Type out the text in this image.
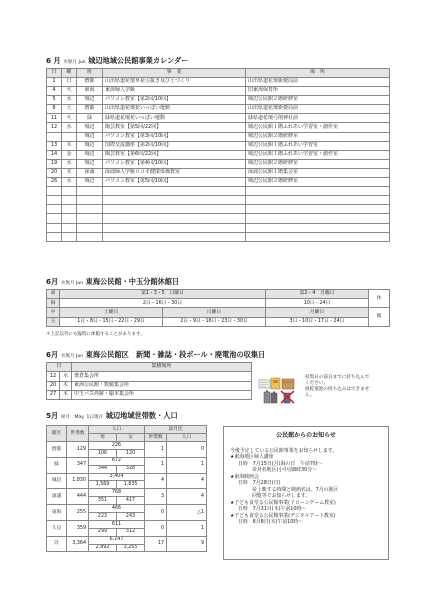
6 月 水無月 Jun 城辺地域公民館事業カレンダー
日	曜	班	事　業	場　所
1	日	僧都	山出県道花壇草花引抜き及び土づくり	山出県道花壇新便局前
4	火	東海	東海婦人学級	旧東海保育所
5	水	城辺	パソコン教室【第2回/10回】	城辺公民館２階研修室
8	土	僧都	山出県道花壇花いっぱい運動	山出県道花壇新便局前
11	火	緑	緑県道花壇花いっぱい運動	緑県道花壇弓削神社前
12	水	城辺	陶芸教室【第5回/22回】	城辺公民館１階ふれあい学習室・創作室
		城辺	パソコン教室【第3回/10回】	城辺公民館２階研修室
13	木	城辺	国際交流講座【第2回/10回】	城辺公民館１階ふれあい学習室
14	金	城辺	陶芸教室【第6回/22回】	城辺公民館１階ふれあい学習室・創作室
19	水	城辺	パソコン教室【第4回/10回】	城辺公民館２階研修室
20	木	深浦	深浦婦人学級ロコモ健康体操教室	深浦公民館１階集会室
26	水	城辺	パソコン教室【第5回/10回】	城辺公民館２階研修室

6月 水無月 Jun 東海公民館・中玉分館休館日
東	第1・3・5　日曜日		第2・4　月曜日	休
海	2日・16日・30日		10日・24日	
中	土曜日	日曜日	月曜日	館
玉	1日・8日・15日・22日・29日	2日・9日・16日・23日・30日	3日・10日・17日・24日	
＊上記以外にも臨時に休館することがあります。
6月 水無月 Jun 東海公民館区　新聞・雑誌・段ボール・廃電池の収集日
日		集積場所	
12	水	奥倉集会所	
20	木	東海公民館・数鏡集会所	
27	木	中玉バス停跡・脇本集会所	
収集日の前日までに持ち込んで
ください。
廃乾電池の持ち込みはできませ
ん。
5月 皐月　May 1日現在 城辺地域世帯数・人口
館区	世帯数	人口		前月比	
		男	女	世帯数	人口
僧都	129	226		1	0
		106	120		
緑	347	672		1	1
		344	328		
城辺	1,830	3,404		4	4
		1,569	1,835		
深浦	444	768		3	4
		351	417		
東海	255	466		0	△1
		223	243		
久良	359	611		0	1
		299	312		
計	3,364	6,147		17	9
		2,892	3,255		
公民館からのお知らせ
今後予定している公民館事業をお知らせします。
★東海地区婦人講座
日時　7月15日(月)海の日　午前7時～
帝対名地区(小中前8時30分～
★東海映画会
日時　7月28日(日)
帝上映する時間と映画名は、7月の地区
回覧等でお知らせします。
★子ども食堂る公民館事業(ドローンゲーム教室)
日時　7月31日(木)午前10時～
★子ども食堂る公民館事業(デジタルアート教室)
日時　8月8日(木)午前10時～
